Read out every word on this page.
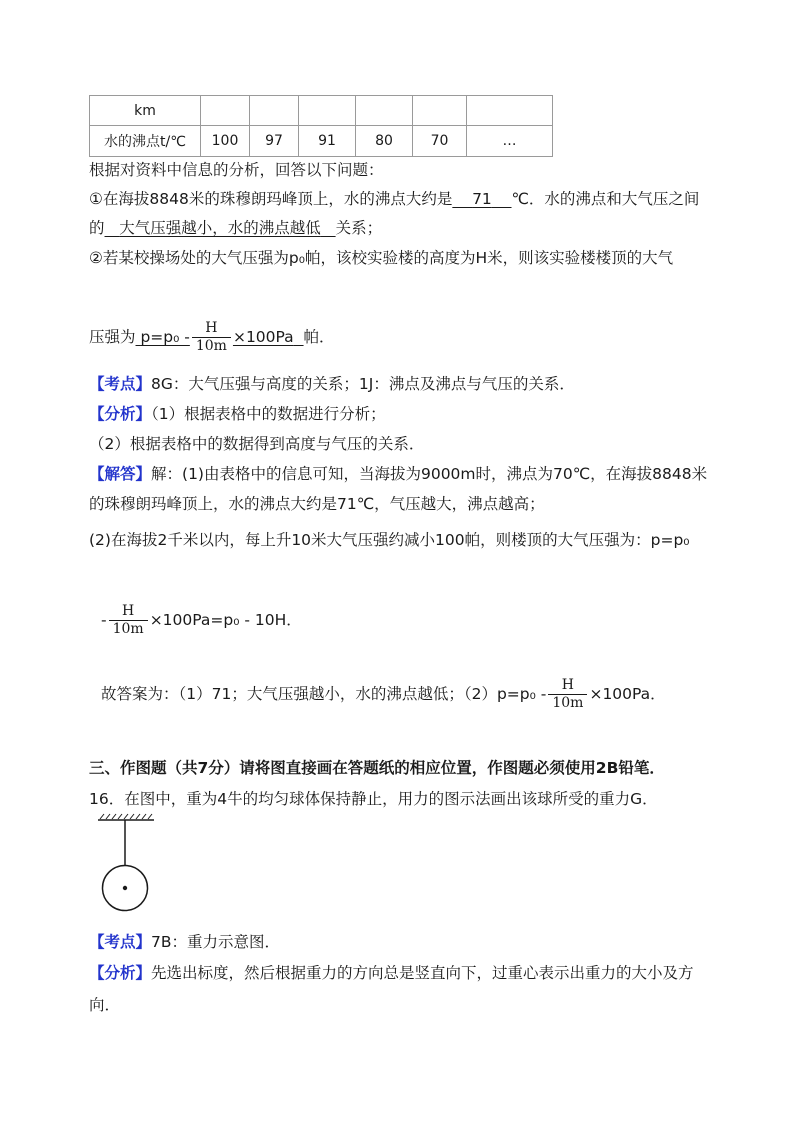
km						
水的沸点t/℃	100	97	91	80	70	…
根据对资料中信息的分析，回答以下问题：
①在海拔8848米的珠穆朗玛峰顶上，水的沸点大约是 71 ℃．水的沸点和大气压之间
的 大气压强越小，水的沸点越低 关系；
②若某校操场处的大气压强为p₀帕，该校实验楼的高度为H米，则该实验楼楼顶的大气
压强为 $p=p_0 - \frac{H}{10m} \times 100Pa$ 帕．
【考点】8G：大气压强与高度的关系；1J：沸点及沸点与气压的关系．
【分析】（1）根据表格中的数据进行分析；
（2）根据表格中的数据得到高度与气压的关系．
【解答】解：(1)由表格中的信息可知，当海拔为9000m时，沸点为70℃，在海拔8848米
的珠穆朗玛峰顶上，水的沸点大约是71℃，气压越大，沸点越高；
(2)在海拔2千米以内，每上升10米大气压强约减小100帕，则楼顶的大气压强为：p=p₀
- $\frac{H}{10m} \times 100Pa=p_0 - 10H$．
故答案为：（1）71；大气压强越小，水的沸点越低；$(2)p=p_0 - \frac{H}{10m} \times 100Pa$．
三、作图题（共7分）请将图直接画在答题纸的相应位置，作图题必须使用2B铅笔．
16．在图中，重为4牛的均匀球体保持静止，用力的图示法画出该球所受的重力G．
【考点】7B：重力示意图．
【分析】先选出标度，然后根据重力的方向总是竖直向下，过重心表示出重力的大小及方
向．
